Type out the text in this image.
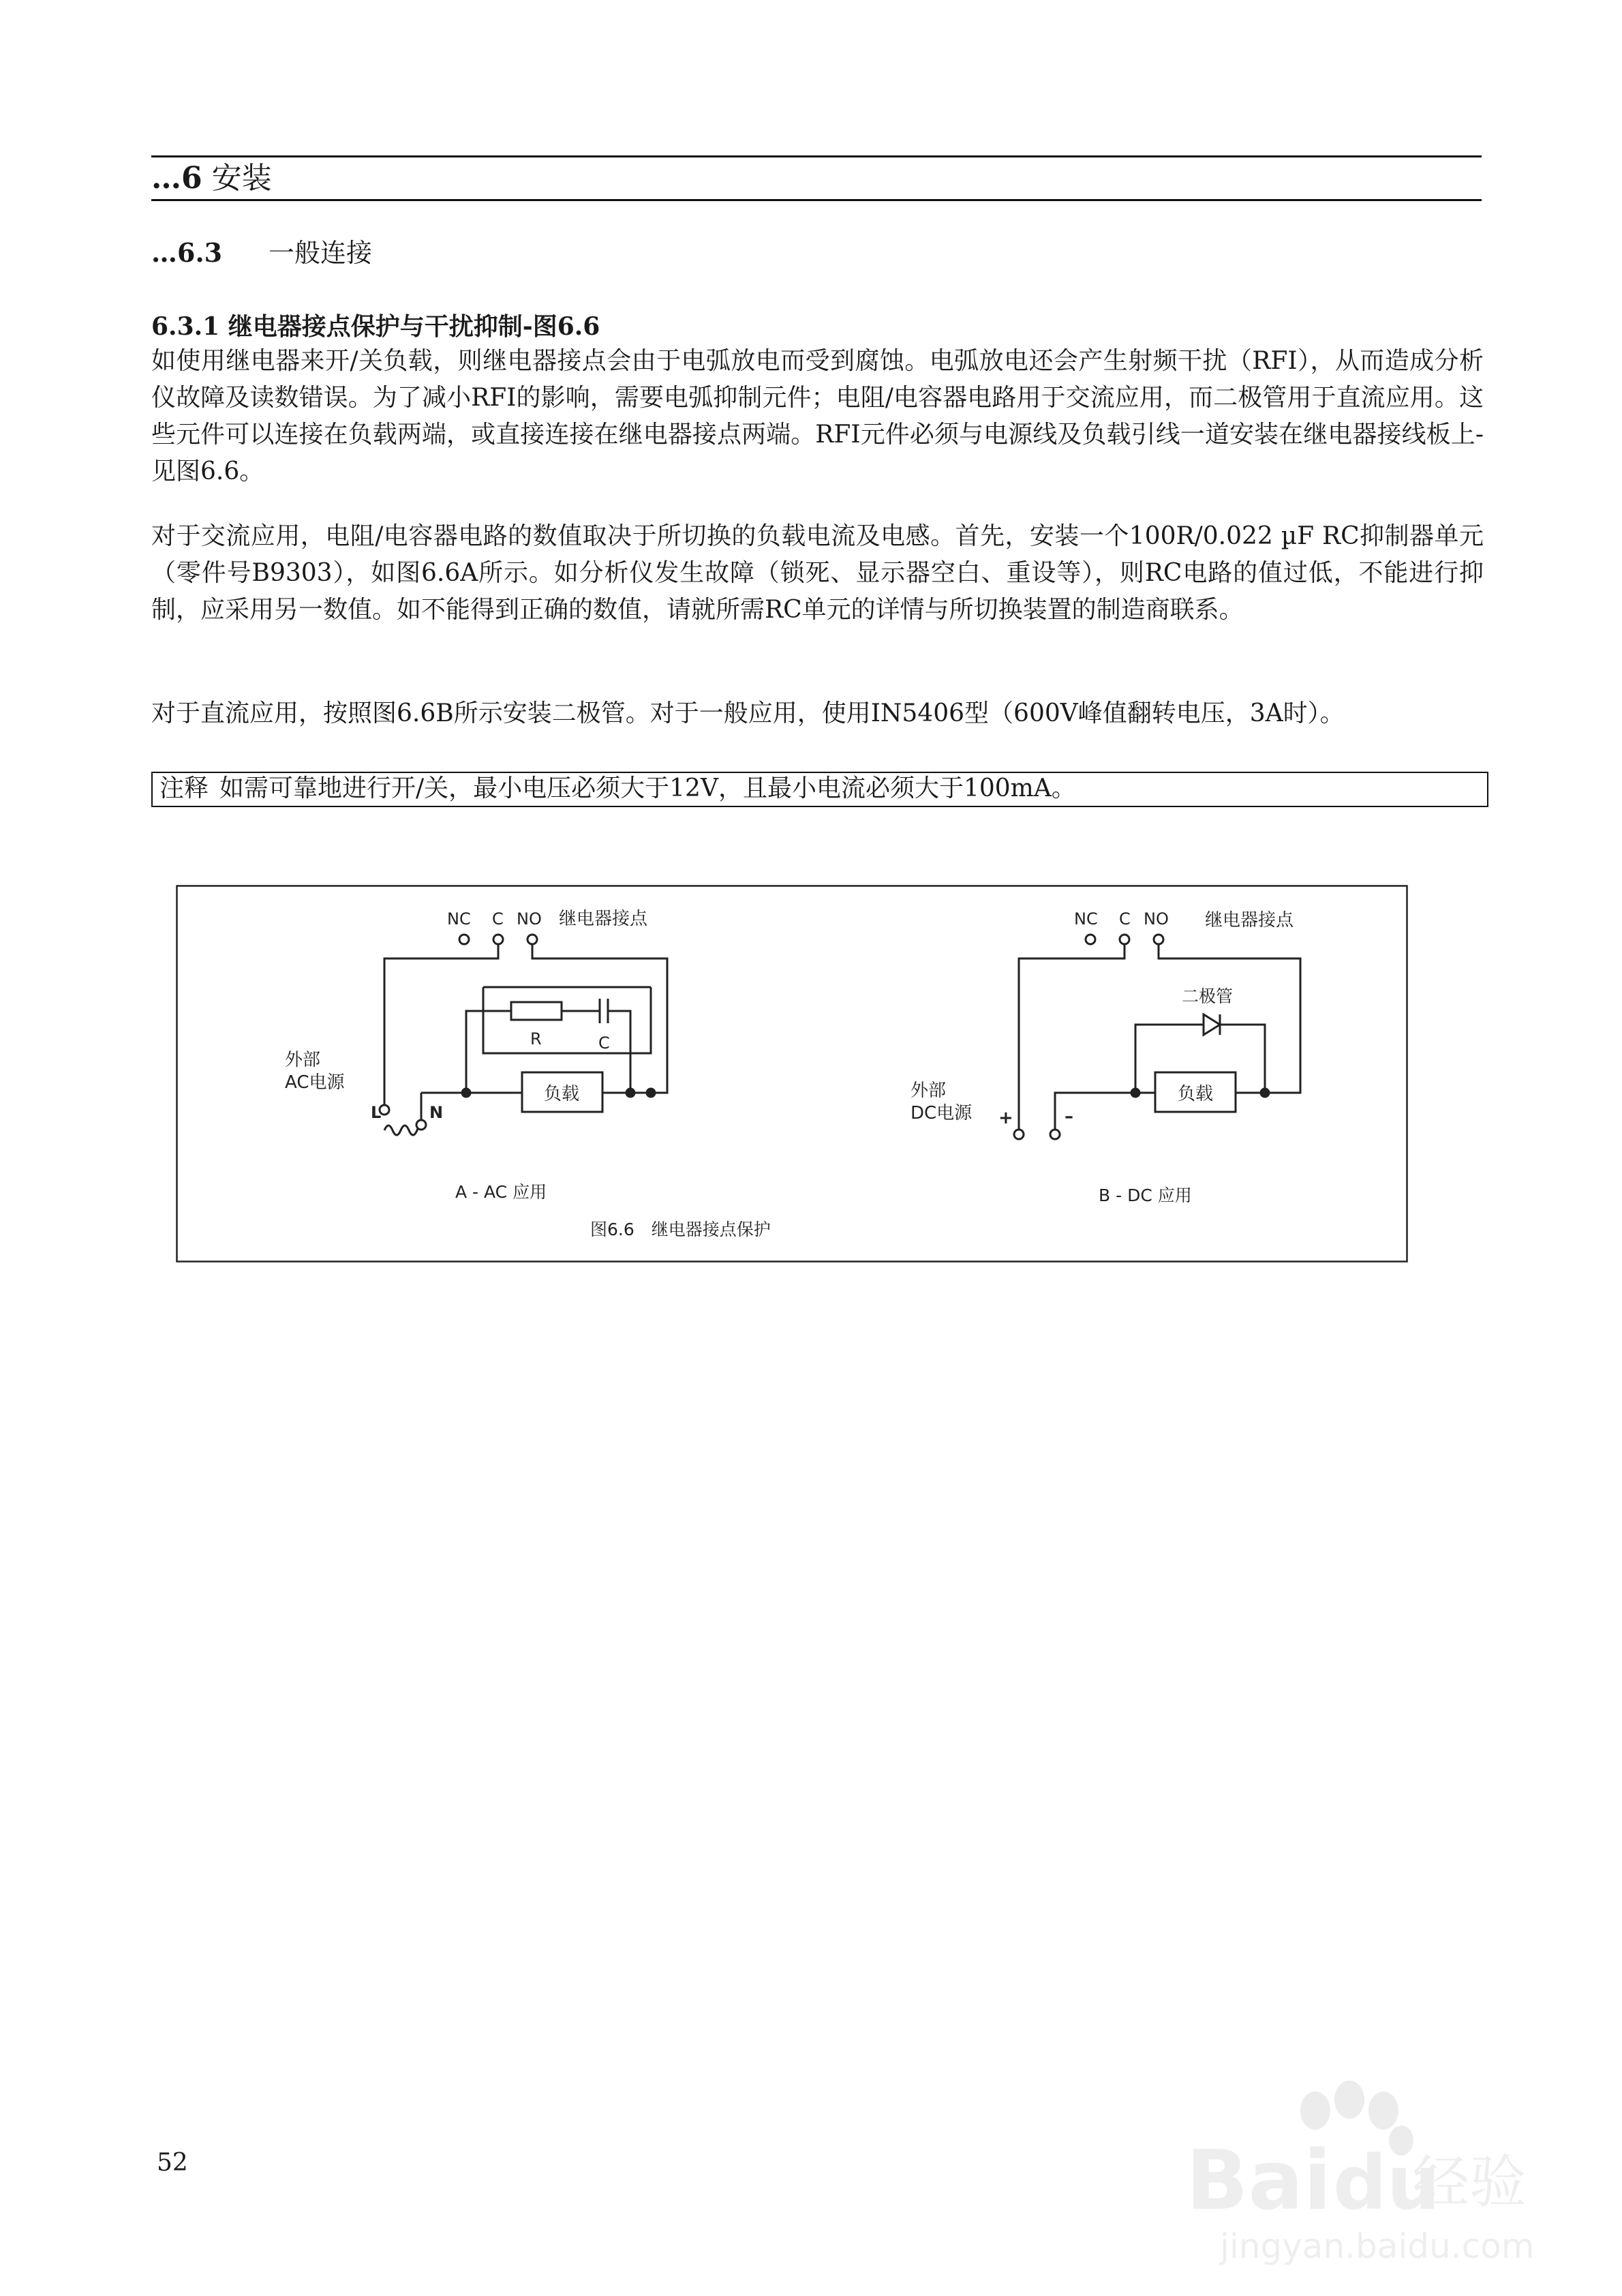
…6 安装
…6.3 一般连接
6.3.1 继电器接点保护与干扰抑制-图6.6

如使用继电器来开/关负载，则继电器接点会由于电弧放电而受到腐蚀。电弧放电还会产生射频干扰（RFI），从而造成分析仪故障及读数错误。为了减小RFI的影响，需要电弧抑制元件；电阻/电容器电路用于交流应用，而二极管用于直流应用。这些元件可以连接在负载两端，或直接连接在继电器接点两端。RFI元件必须与电源线及负载引线一道安装在继电器接线板上-见图6.6。

对于交流应用，电阻/电容器电路的数值取决于所切换的负载电流及电感。首先，安装一个100R/0.022 µF RC抑制器单元（零件号B9303），如图6.6A所示。如分析仪发生故障（锁死、显示器空白、重设等），则RC电路的值过低，不能进行抑制，应采用另一数值。如不能得到正确的数值，请就所需RC单元的详情与所切换装置的制造商联系。

对于直流应用，按照图6.6B所示安装二极管。对于一般应用，使用IN5406型（600V峰值翻转电压，3A时）。

注释 如需可靠地进行开/关，最小电压必须大于12V，且最小电流必须大于100mA。
NC C NO 继电器接点
R	C
外部
AC电源
L	N
负载
A - AC 应用
NC C NO 继电器接点
二极管
外部
DC电源 +	–
负载
B - DC 应用
图6.6　继电器接点保护

52	Bai du
经验
jingyan.baidu.com
